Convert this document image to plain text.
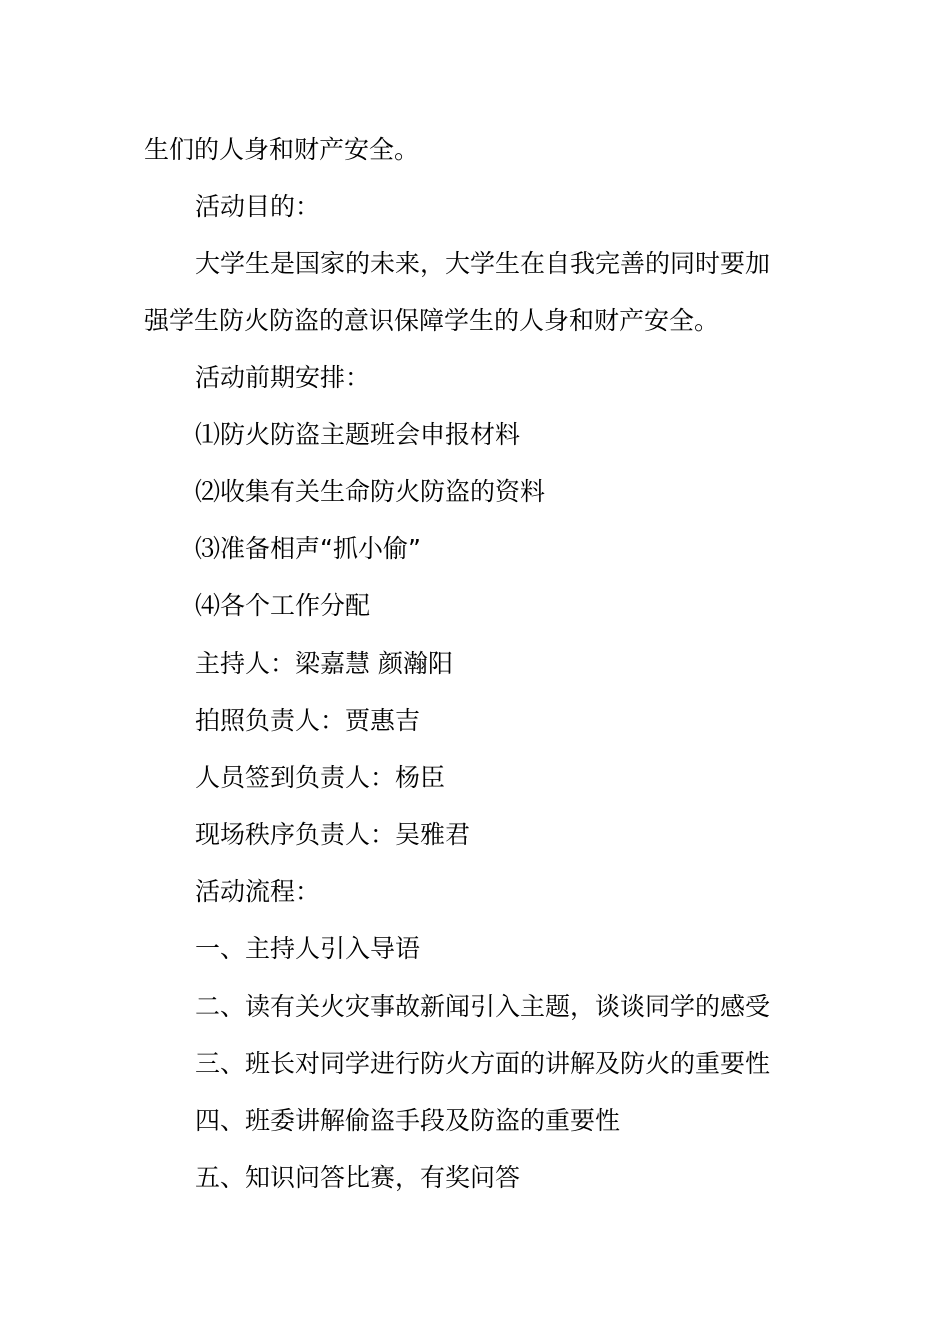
生们的人身和财产安全。
活动目的：
大学生是国家的未来，大学生在自我完善的同时要加
强学生防火防盗的意识保障学生的人身和财产安全。
活动前期安排：
⑴防火防盗主题班会申报材料
⑵收集有关生命防火防盗的资料
⑶准备相声“抓小偷”
⑷各个工作分配
主持人：梁嘉慧 颜瀚阳
拍照负责人：贾惠吉
人员签到负责人：杨臣
现场秩序负责人：吴雅君
活动流程：
一、主持人引入导语
二、读有关火灾事故新闻引入主题，谈谈同学的感受
三、班长对同学进行防火方面的讲解及防火的重要性
四、班委讲解偷盗手段及防盗的重要性
五、知识问答比赛，有奖问答
